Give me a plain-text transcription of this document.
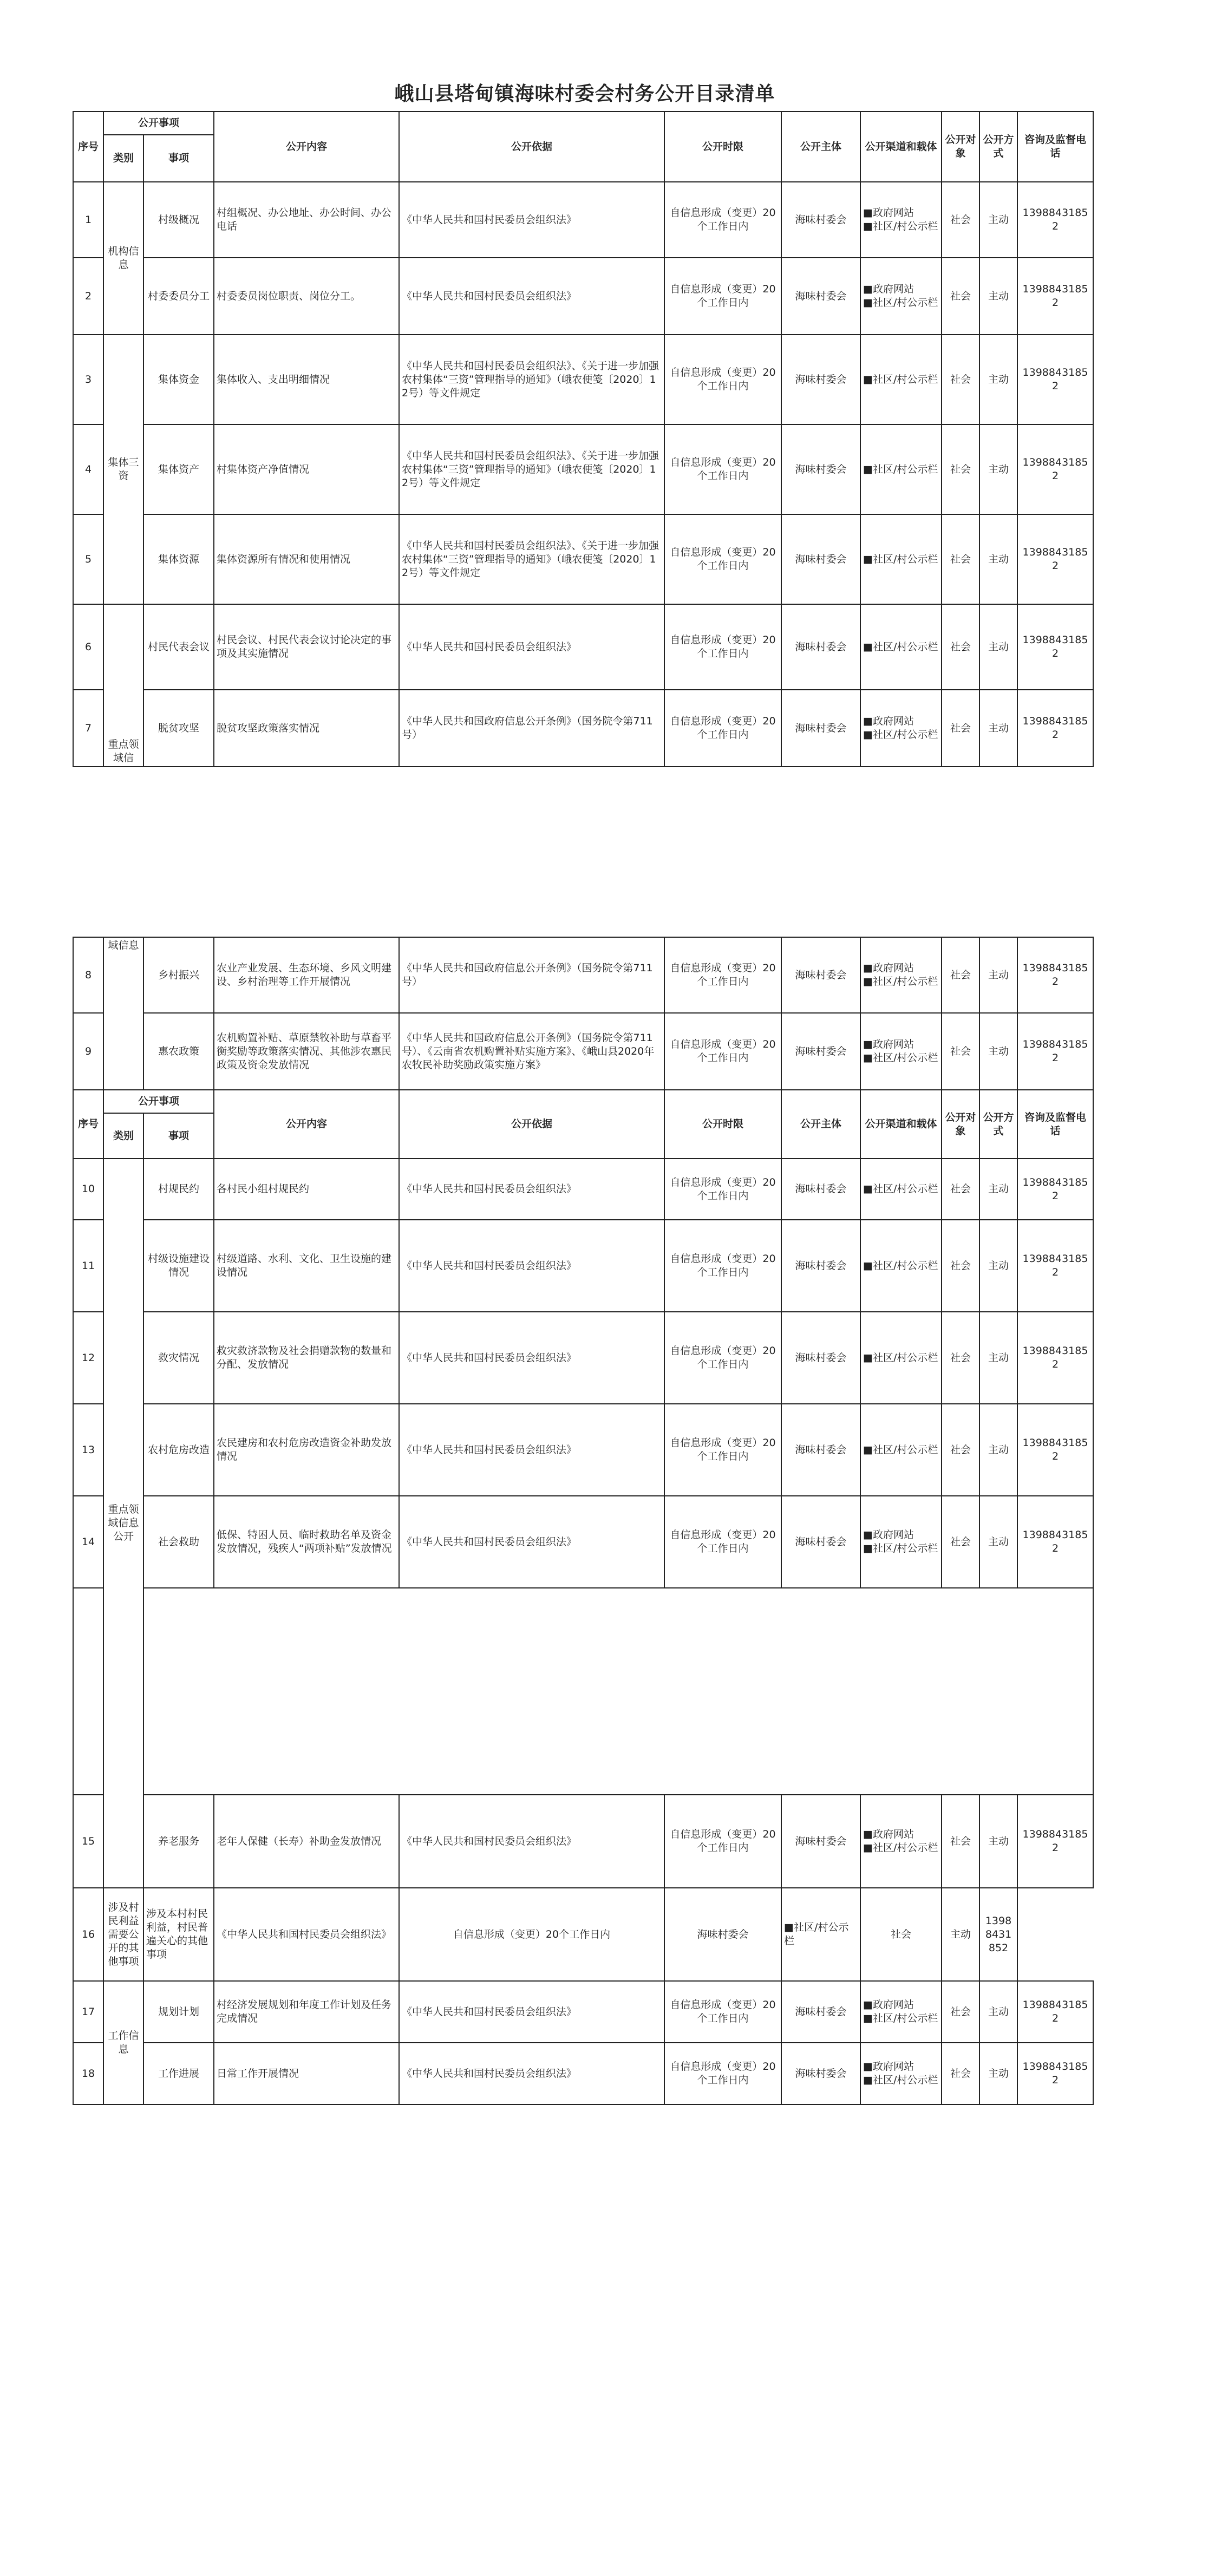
峨山县塔甸镇海味村委会村务公开目录清单
序号	公开事项		公开内容	公开依据	公开时限	公开主体	公开渠道和载体	公开对象	公开方式	咨询及监督电话
	类别	事项								
1	机构信息	村级概况	村组概况、办公地址、办公时间、办公电话	《中华人民共和国村民委员会组织法》	自信息形成（变更）20个工作日内	海味村委会	■政府网站
■社区/村公示栏	社会	主动	13988431852
2		村委委员分工	村委委员岗位职责、岗位分工。	《中华人民共和国村民委员会组织法》	自信息形成（变更）20个工作日内	海味村委会	■政府网站
■社区/村公示栏	社会	主动	13988431852
3	集体三资	集体资金	集体收入、支出明细情况	《中华人民共和国村民委员会组织法》、《关于进一步加强农村集体“三资”管理指导的通知》（峨农便笺〔2020〕12号）等文件规定	自信息形成（变更）20个工作日内	海味村委会	■社区/村公示栏	社会	主动	13988431852
4		集体资产	村集体资产净值情况	《中华人民共和国村民委员会组织法》、《关于进一步加强农村集体“三资”管理指导的通知》（峨农便笺〔2020〕12号）等文件规定	自信息形成（变更）20个工作日内	海味村委会	■社区/村公示栏	社会	主动	13988431852
5		集体资源	集体资源所有情况和使用情况	《中华人民共和国村民委员会组织法》、《关于进一步加强农村集体“三资”管理指导的通知》（峨农便笺〔2020〕12号）等文件规定	自信息形成（变更）20个工作日内	海味村委会	■社区/村公示栏	社会	主动	13988431852
6	重点领域信	村民代表会议	村民会议、村民代表会议讨论决定的事项及其实施情况	《中华人民共和国村民委员会组织法》	自信息形成（变更）20个工作日内	海味村委会	■社区/村公示栏	社会	主动	13988431852
7		脱贫攻坚	脱贫攻坚政策落实情况	《中华人民共和国政府信息公开条例》（国务院令第711号）	自信息形成（变更）20个工作日内	海味村委会	■政府网站
■社区/村公示栏	社会	主动	13988431852
8	域信息	乡村振兴	农业产业发展、生态环境、乡风文明建设、乡村治理等工作开展情况	《中华人民共和国政府信息公开条例》（国务院令第711号）	自信息形成（变更）20个工作日内	海味村委会	■政府网站
■社区/村公示栏	社会	主动	13988431852
9		惠农政策	农机购置补贴、草原禁牧补助与草畜平衡奖励等政策落实情况、其他涉农惠民政策及资金发放情况	《中华人民共和国政府信息公开条例》（国务院令第711号）、《云南省农机购置补贴实施方案》、《峨山县2020年农牧民补助奖励政策实施方案》	自信息形成（变更）20个工作日内	海味村委会	■政府网站
■社区/村公示栏	社会	主动	13988431852
序号	公开事项		公开内容	公开依据	公开时限	公开主体	公开渠道和载体	公开对象	公开方式	咨询及监督电话
	类别	事项								
10	重点领域信息公开	村规民约	各村民小组村规民约	《中华人民共和国村民委员会组织法》	自信息形成（变更）20个工作日内	海味村委会	■社区/村公示栏	社会	主动	13988431852
11		村级设施建设情况	村级道路、水利、文化、卫生设施的建设情况	《中华人民共和国村民委员会组织法》	自信息形成（变更）20个工作日内	海味村委会	■社区/村公示栏	社会	主动	13988431852
12		救灾情况	救灾救济款物及社会捐赠款物的数量和分配、发放情况	《中华人民共和国村民委员会组织法》	自信息形成（变更）20个工作日内	海味村委会	■社区/村公示栏	社会	主动	13988431852
13		农村危房改造	农民建房和农村危房改造资金补助发放情况	《中华人民共和国村民委员会组织法》	自信息形成（变更）20个工作日内	海味村委会	■社区/村公示栏	社会	主动	13988431852
14		社会救助	低保、特困人员、临时救助名单及资金发放情况，残疾人“两项补贴”发放情况	《中华人民共和国村民委员会组织法》	自信息形成（变更）20个工作日内	海味村委会	■政府网站
■社区/村公示栏	社会	主动	13988431852

15		养老服务	老年人保健（长寿）补助金发放情况	《中华人民共和国村民委员会组织法》	自信息形成（变更）20个工作日内	海味村委会	■政府网站
■社区/村公示栏	社会	主动	13988431852
16	涉及村民利益需要公开的其他事项	涉及本村村民利益，村民普遍关心的其他事项	《中华人民共和国村民委员会组织法》	自信息形成（变更）20个工作日内	海味村委会	■社区/村公示栏	社会	主动	13988431852	
17	工作信息	规划计划	村经济发展规划和年度工作计划及任务完成情况	《中华人民共和国村民委员会组织法》	自信息形成（变更）20个工作日内	海味村委会	■政府网站
■社区/村公示栏	社会	主动	13988431852
18		工作进展	日常工作开展情况	《中华人民共和国村民委员会组织法》	自信息形成（变更）20个工作日内	海味村委会	■政府网站
■社区/村公示栏	社会	主动	13988431852
